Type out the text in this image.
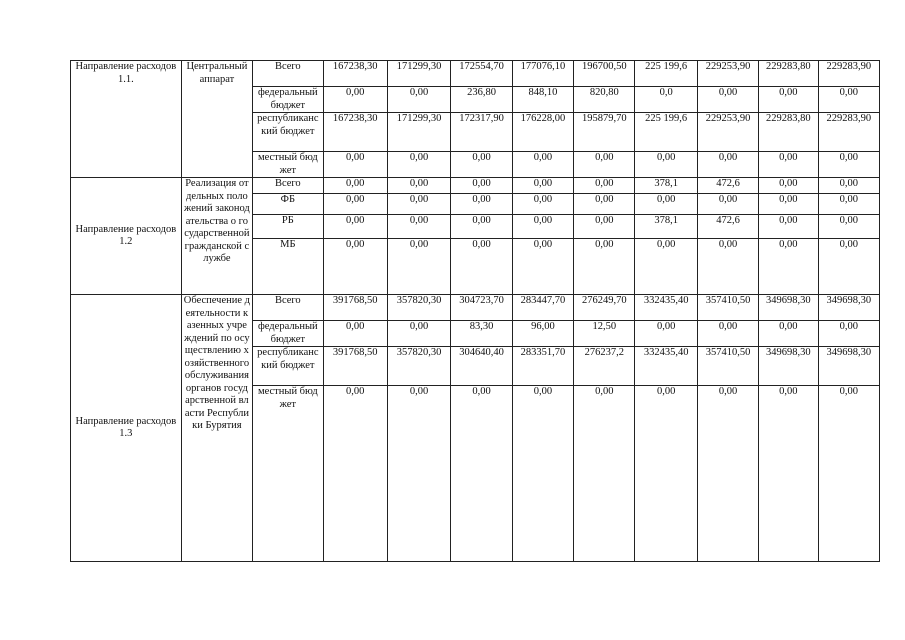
Направление расходов 1.1.	Центральный аппарат	Всего	167238,30	171299,30	172554,70	177076,10	196700,50	225 199,6	229253,90	229283,80	229283,90
		федеральный бюджет	0,00	0,00	236,80	848,10	820,80	0,0	0,00	0,00	0,00
		республиканский бюджет	167238,30	171299,30	172317,90	176228,00	195879,70	225 199,6	229253,90	229283,80	229283,90
		местный бюджет	0,00	0,00	0,00	0,00	0,00	0,00	0,00	0,00	0,00
Направление расходов 1.2	Реализация отдельных положений законодательства о государственной гражданской службе	Всего	0,00	0,00	0,00	0,00	0,00	378,1	472,6	0,00	0,00
		ФБ	0,00	0,00	0,00	0,00	0,00	0,00	0,00	0,00	0,00
		РБ	0,00	0,00	0,00	0,00	0,00	378,1	472,6	0,00	0,00
		МБ	0,00	0,00	0,00	0,00	0,00	0,00	0,00	0,00	0,00
Направление расходов 1.3	Обеспечение деятельности казенных учреждений по осуществлению хозяйственного обслуживания органов государственной власти Республики Бурятия	Всего	391768,50	357820,30	304723,70	283447,70	276249,70	332435,40	357410,50	349698,30	349698,30
		федеральный бюджет	0,00	0,00	83,30	96,00	12,50	0,00	0,00	0,00	0,00
		республиканский бюджет	391768,50	357820,30	304640,40	283351,70	276237,2	332435,40	357410,50	349698,30	349698,30
		местный бюджет	0,00	0,00	0,00	0,00	0,00	0,00	0,00	0,00	0,00
